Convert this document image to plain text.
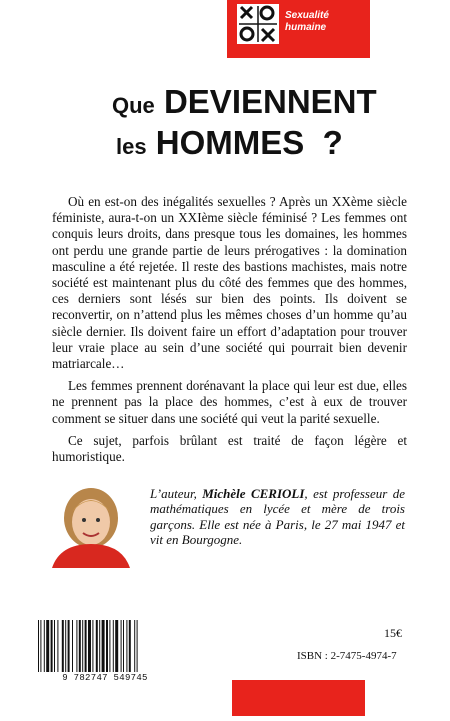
Sexualité
humaine
Que DEVIENNENT
les HOMMES ?

Où en est-on des inégalités sexuelles ? Après un XXème siècle féministe, aura-t-on un XXIème siècle féminisé ? Les femmes ont conquis leurs droits, dans presque tous les domaines, les hommes ont perdu une grande partie de leurs prérogatives : la domination masculine a été rejetée. Il reste des bastions machistes, mais notre société est maintenant plus du côté des femmes que des hommes, ces derniers sont lésés sur bien des points. Ils doivent se reconvertir, on n’attend plus les mêmes choses d’un homme qu’au siècle dernier. Ils doivent faire un effort d’adaptation pour trouver leur vraie place au sein d’une société qui pourrait bien devenir matriarcale…

Les femmes prennent dorénavant la place qui leur est due, elles ne prennent pas la place des hommes, c’est à eux de trouver comment se situer dans une société qui veut la parité sexuelle.

Ce sujet, parfois brûlant est traité de façon légère et humoristique.

L’auteur, Michèle CERIOLI, est professeur de mathématiques en lycée et mère de trois garçons. Elle est née à Paris, le 27 mai 1947 et vit en Bourgogne.
9 782747 549745
15€
ISBN : 2-7475-4974-7
